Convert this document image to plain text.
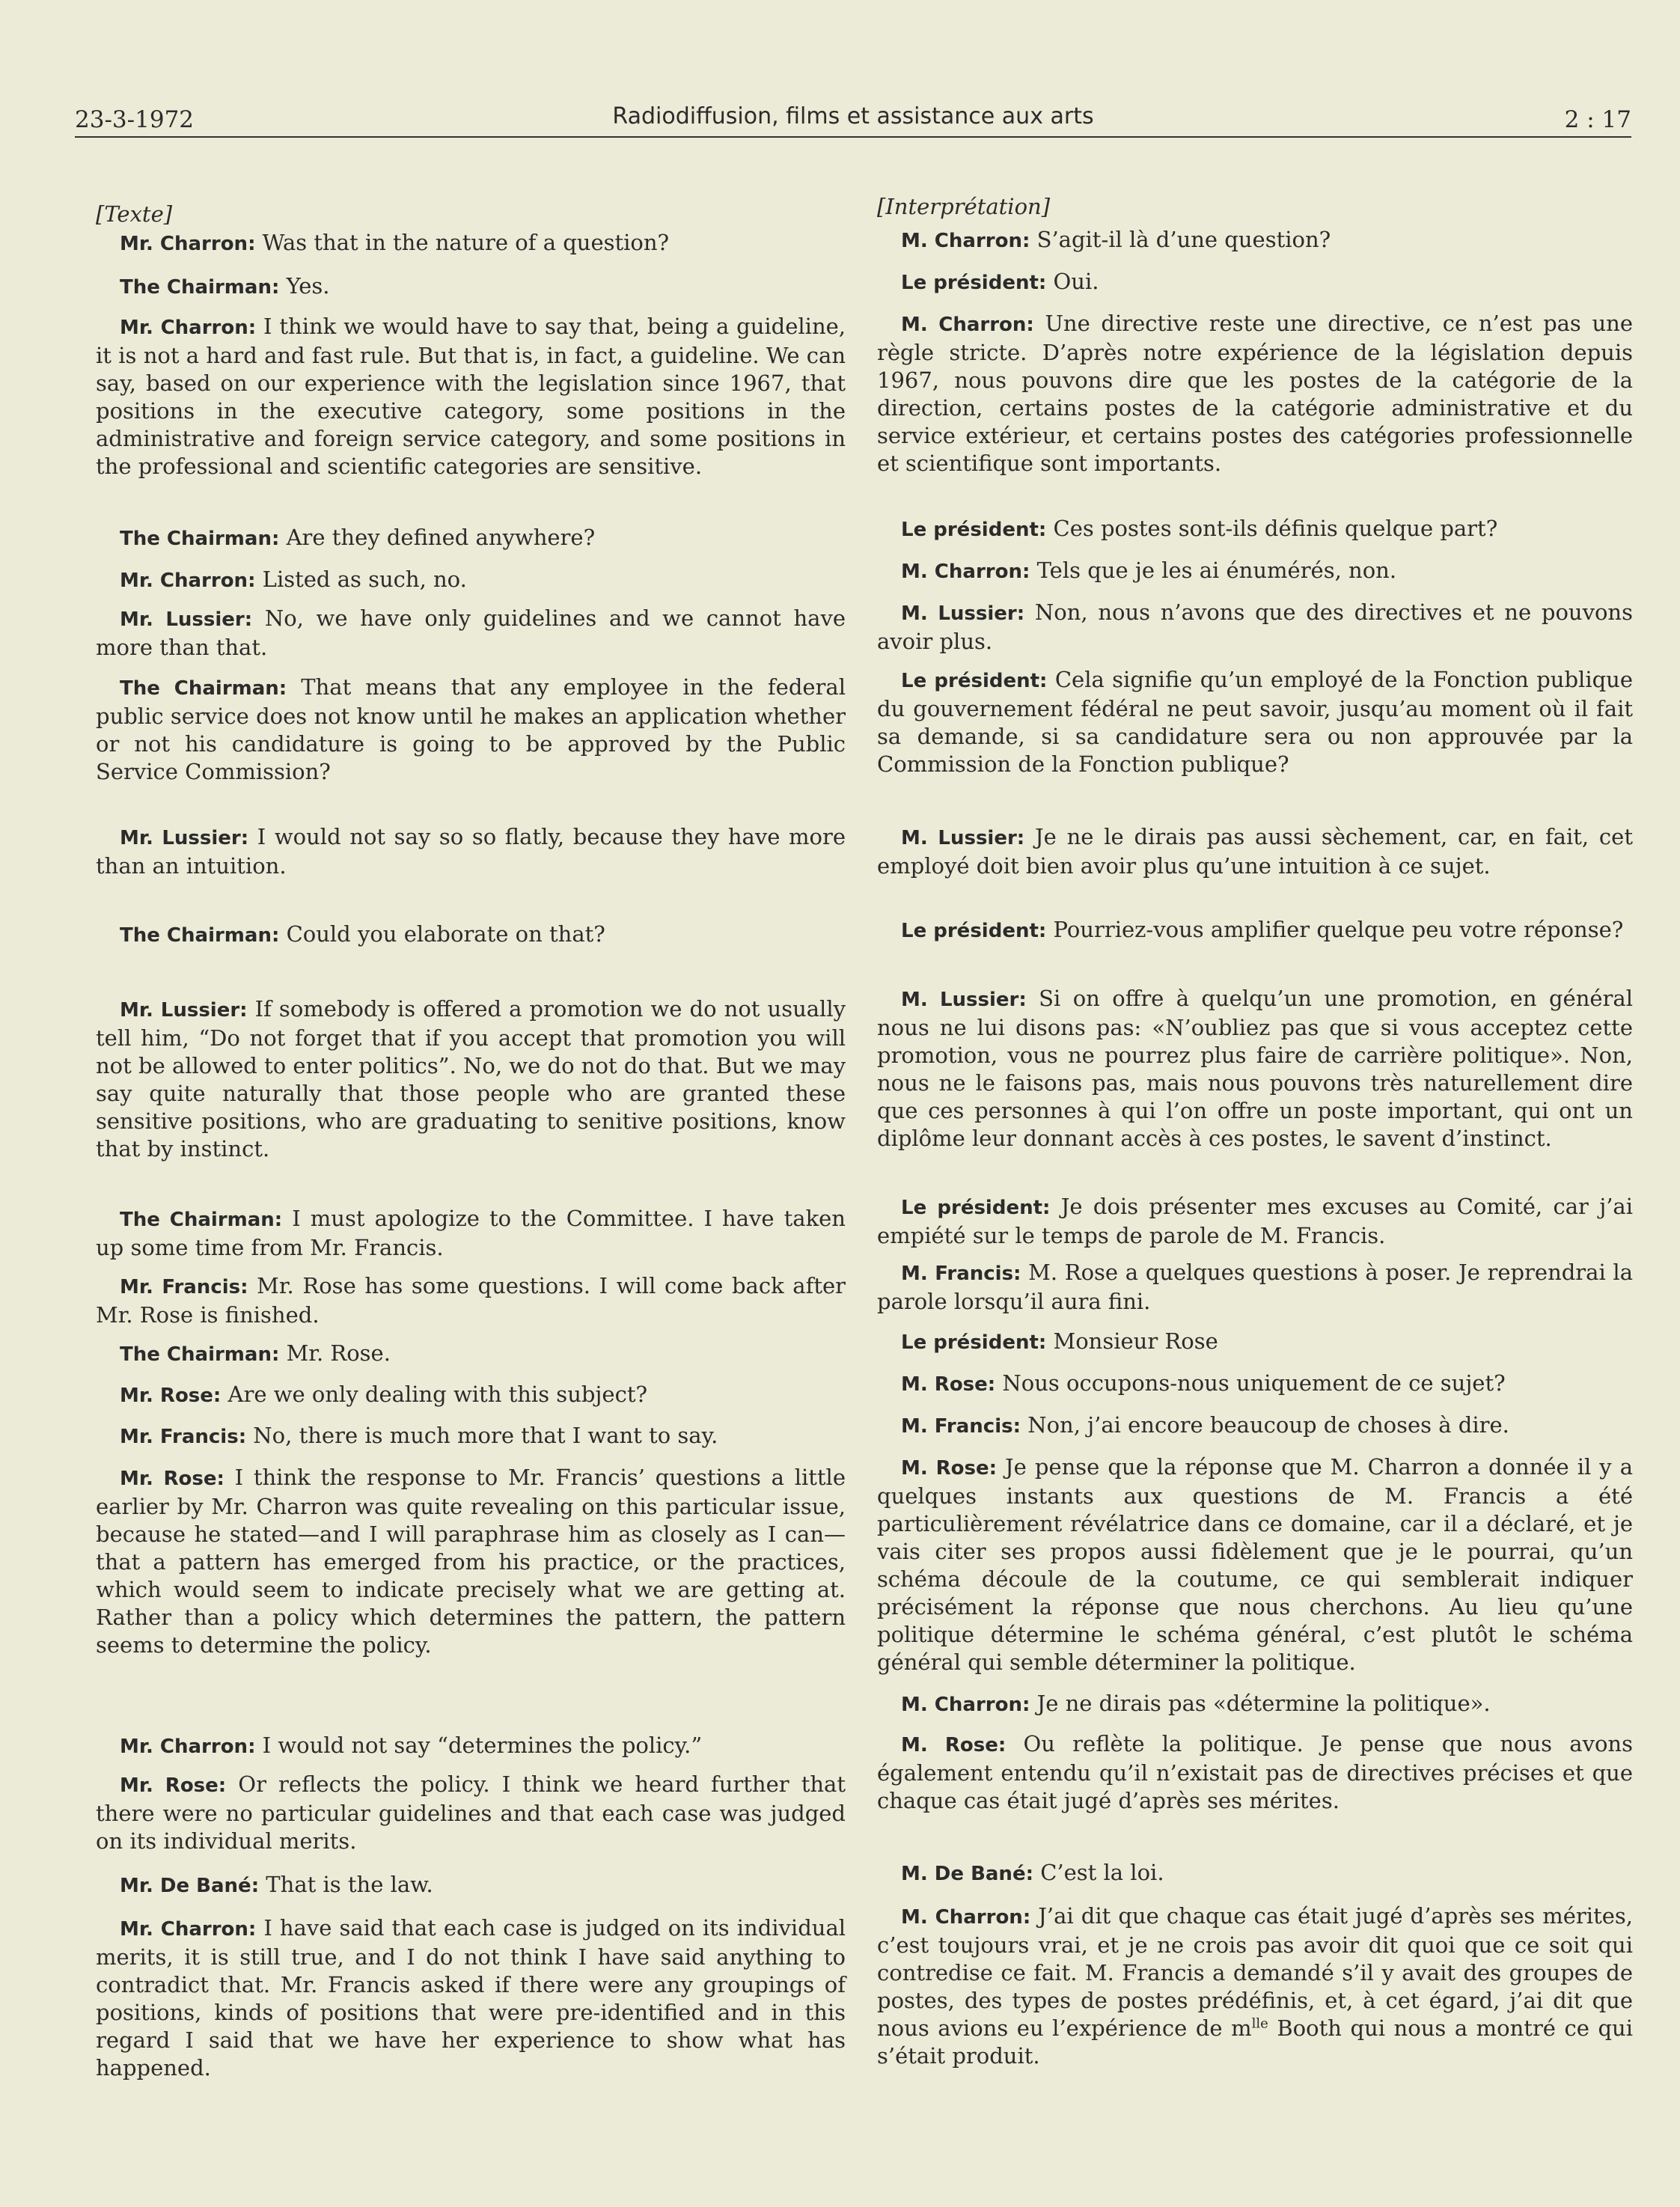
23-3-1972	Radiodiffusion, films et assistance aux arts	2 : 17
[Texte]
Mr. Charron: Was that in the nature of a question?
The Chairman: Yes.
Mr. Charron: I think we would have to say that, being a guideline, it is not a hard and fast rule. But that is, in fact, a guideline. We can say, based on our experience with the legislation since 1967, that positions in the executive category, some positions in the administrative and foreign service category, and some positions in the professional and scientific categories are sensitive.
The Chairman: Are they defined anywhere?
Mr. Charron: Listed as such, no.
Mr. Lussier: No, we have only guidelines and we cannot have more than that.
The Chairman: That means that any employee in the federal public service does not know until he makes an application whether or not his candidature is going to be approved by the Public Service Commission?
Mr. Lussier: I would not say so so flatly, because they have more than an intuition.
The Chairman: Could you elaborate on that?
Mr. Lussier: If somebody is offered a promotion we do not usually tell him, “Do not forget that if you accept that promotion you will not be allowed to enter politics”. No, we do not do that. But we may say quite naturally that those people who are granted these sensitive positions, who are graduating to senitive positions, know that by instinct.
The Chairman: I must apologize to the Committee. I have taken up some time from Mr. Francis.
Mr. Francis: Mr. Rose has some questions. I will come back after Mr. Rose is finished.
The Chairman: Mr. Rose.
Mr. Rose: Are we only dealing with this subject?
Mr. Francis: No, there is much more that I want to say.
Mr. Rose: I think the response to Mr. Francis’ questions a little earlier by Mr. Charron was quite revealing on this particular issue, because he stated—and I will paraphrase him as closely as I can—that a pattern has emerged from his practice, or the practices, which would seem to indicate precisely what we are getting at. Rather than a policy which determines the pattern, the pattern seems to determine the policy.
Mr. Charron: I would not say “determines the policy.”
Mr. Rose: Or reflects the policy. I think we heard further that there were no particular guidelines and that each case was judged on its individual merits.
Mr. De Bané: That is the law.
Mr. Charron: I have said that each case is judged on its individual merits, it is still true, and I do not think I have said anything to contradict that. Mr. Francis asked if there were any groupings of positions, kinds of positions that were pre-identified and in this regard I said that we have her experience to show what has happened.
[Interprétation]
M. Charron: S’agit-il là d’une question?
Le président: Oui.
M. Charron: Une directive reste une directive, ce n’est pas une règle stricte. D’après notre expérience de la législation depuis 1967, nous pouvons dire que les postes de la catégorie de la direction, certains postes de la catégorie administrative et du service extérieur, et certains postes des catégories professionnelle et scientifique sont importants.
Le président: Ces postes sont-ils définis quelque part?
M. Charron: Tels que je les ai énumérés, non.
M. Lussier: Non, nous n’avons que des directives et ne pouvons avoir plus.
Le président: Cela signifie qu’un employé de la Fonction publique du gouvernement fédéral ne peut savoir, jusqu’au moment où il fait sa demande, si sa candidature sera ou non approuvée par la Commission de la Fonction publique?
M. Lussier: Je ne le dirais pas aussi sèchement, car, en fait, cet employé doit bien avoir plus qu’une intuition à ce sujet.
Le président: Pourriez-vous amplifier quelque peu votre réponse?
M. Lussier: Si on offre à quelqu’un une promotion, en général nous ne lui disons pas: «N’oubliez pas que si vous acceptez cette promotion, vous ne pourrez plus faire de carrière politique». Non, nous ne le faisons pas, mais nous pouvons très naturellement dire que ces personnes à qui l’on offre un poste important, qui ont un diplôme leur donnant accès à ces postes, le savent d’instinct.
Le président: Je dois présenter mes excuses au Comité, car j’ai empiété sur le temps de parole de M. Francis.
M. Francis: M. Rose a quelques questions à poser. Je reprendrai la parole lorsqu’il aura fini.
Le président: Monsieur Rose
M. Rose: Nous occupons-nous uniquement de ce sujet?
M. Francis: Non, j’ai encore beaucoup de choses à dire.
M. Rose: Je pense que la réponse que M. Charron a donnée il y a quelques instants aux questions de M. Francis a été particulièrement révélatrice dans ce domaine, car il a déclaré, et je vais citer ses propos aussi fidèlement que je le pourrai, qu’un schéma découle de la coutume, ce qui semblerait indiquer précisément la réponse que nous cherchons. Au lieu qu’une politique détermine le schéma général, c’est plutôt le schéma général qui semble déterminer la politique.
M. Charron: Je ne dirais pas «détermine la politique».
M. Rose: Ou reflète la politique. Je pense que nous avons également entendu qu’il n’existait pas de directives précises et que chaque cas était jugé d’après ses mérites.
M. De Bané: C’est la loi.
M. Charron: J’ai dit que chaque cas était jugé d’après ses mérites, c’est toujours vrai, et je ne crois pas avoir dit quoi que ce soit qui contredise ce fait. M. Francis a demandé s’il y avait des groupes de postes, des types de postes prédéfinis, et, à cet égard, j’ai dit que nous avions eu l’expérience de $m^{lle}$ Booth qui nous a montré ce qui s’était produit.
